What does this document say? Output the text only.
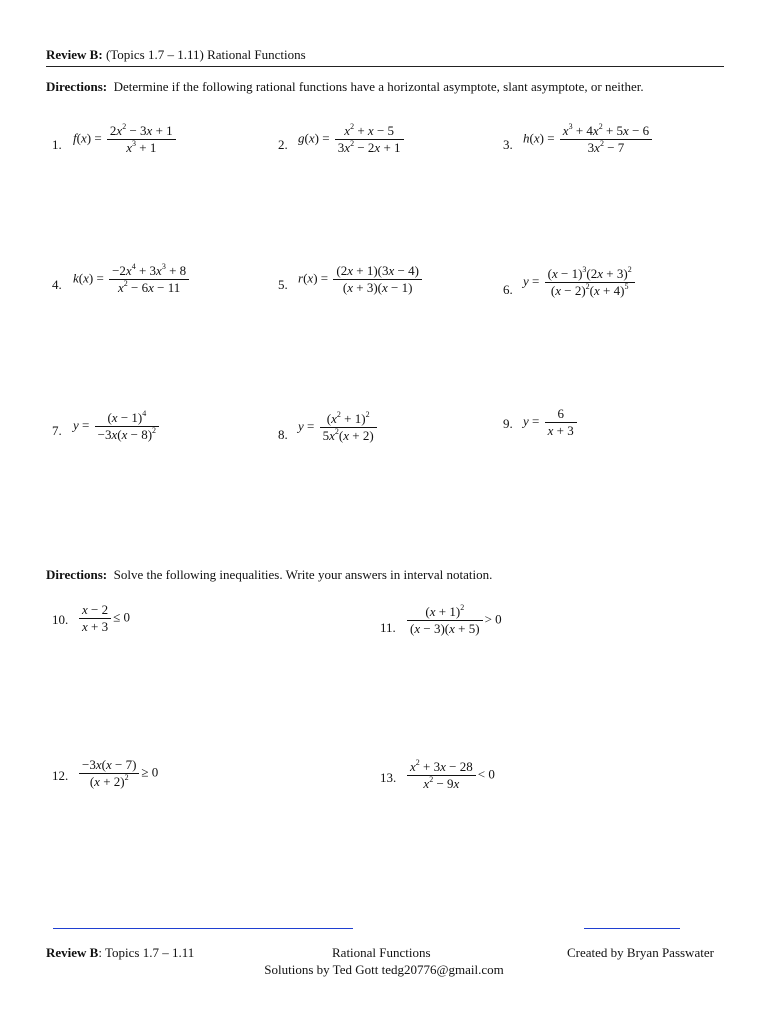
Review B: (Topics 1.7 – 1.11) Rational Functions
Directions: Determine if the following rational functions have a horizontal asymptote, slant asymptote, or neither.
1. $f(x) = \frac{2x^2 - 3x + 1}{x^3 + 1}$	2. $g(x) = \frac{x^2 + x - 5}{3x^2 - 2x + 1}$	3. $h(x) = \frac{x^3 + 4x^2 + 5x - 6}{3x^2 - 7}$
4. $k(x) = \frac{-2x^4 + 3x^3 + 8}{x^2 - 6x - 11}$	5. $r(x) = \frac{(2x + 1)(3x - 4)}{(x + 3)(x - 1)}$	6.
$y = \frac{(x - 1)^3(2x + 3)^2}{(x - 2)^2(x + 4)^5}$
7. $y = \frac{(x - 1)^4}{-3x(x - 8)^2}$	8.
$y = \frac{(x^2 + 1)^2}{5x^2(x + 2)}$	9. $y = \frac{6}{x + 3}$
Directions: Solve the following inequalities. Write your answers in interval notation.
10. $\frac{x - 2}{x + 3} \le 0$
11. $\frac{(x + 1)^2}{(x - 3)(x + 5)} > 0$
12. $\frac{-3x(x - 7)}{(x + 2)^2} \ge 0$	13. $\frac{x^2 + 3x - 28}{x^2 - 9x} < 0$
Review B: Topics 1.7 – 1.11	Rational Functions	Created by Bryan Passwater
Solutions by Ted Gott tedg20776@gmail.com
